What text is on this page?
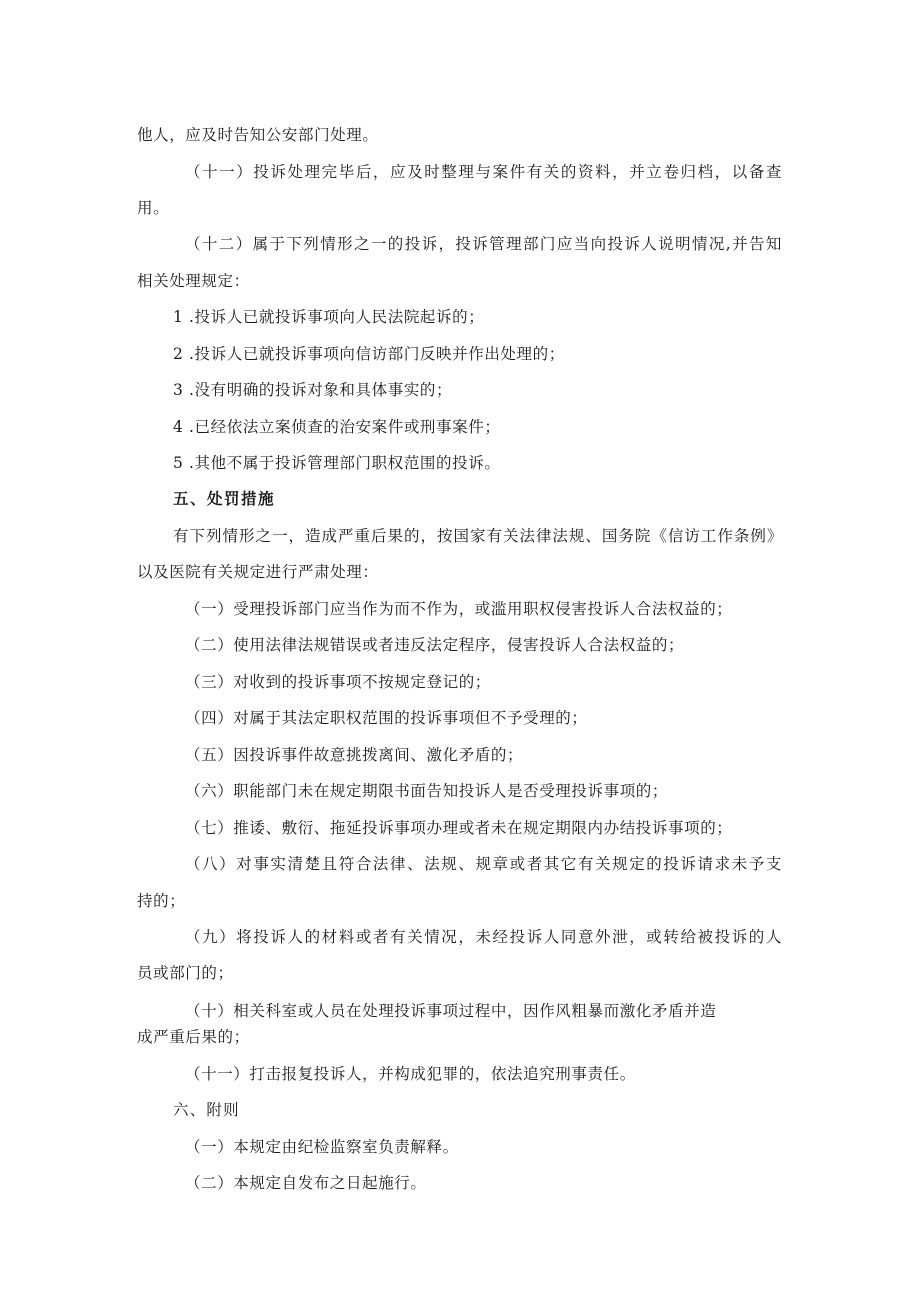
他人，应及时告知公安部门处理。

（十一）投诉处理完毕后，应及时整理与案件有关的资料，并立卷归档，以备查

用。

（十二）属于下列情形之一的投诉，投诉管理部门应当向投诉人说明情况,并告知

相关处理规定：

1 .投诉人已就投诉事项向人民法院起诉的；

2 .投诉人已就投诉事项向信访部门反映并作出处理的；

3 .没有明确的投诉对象和具体事实的；

4 .已经依法立案侦查的治安案件或刑事案件；

5 .其他不属于投诉管理部门职权范围的投诉。

五、处罚措施

有下列情形之一，造成严重后果的，按国家有关法律法规、国务院《信访工作条例》

以及医院有关规定进行严肃处理：

（一）受理投诉部门应当作为而不作为，或滥用职权侵害投诉人合法权益的；

（二）使用法律法规错误或者违反法定程序，侵害投诉人合法权益的；

（三）对收到的投诉事项不按规定登记的；

（四）对属于其法定职权范围的投诉事项但不予受理的；

（五）因投诉事件故意挑拨离间、激化矛盾的；

（六）职能部门未在规定期限书面告知投诉人是否受理投诉事项的；

（七）推诿、敷衍、拖延投诉事项办理或者未在规定期限内办结投诉事项的；

（八）对事实清楚且符合法律、法规、规章或者其它有关规定的投诉请求未予支

持的；

（九）将投诉人的材料或者有关情况，未经投诉人同意外泄，或转给被投诉的人

员或部门的；

（十）相关科室或人员在处理投诉事项过程中，因作风粗暴而激化矛盾并造

成严重后果的；

（十一）打击报复投诉人，并构成犯罪的，依法追究刑事责任。

六、附则

（一）本规定由纪检监察室负责解释。

（二）本规定自发布之日起施行。
